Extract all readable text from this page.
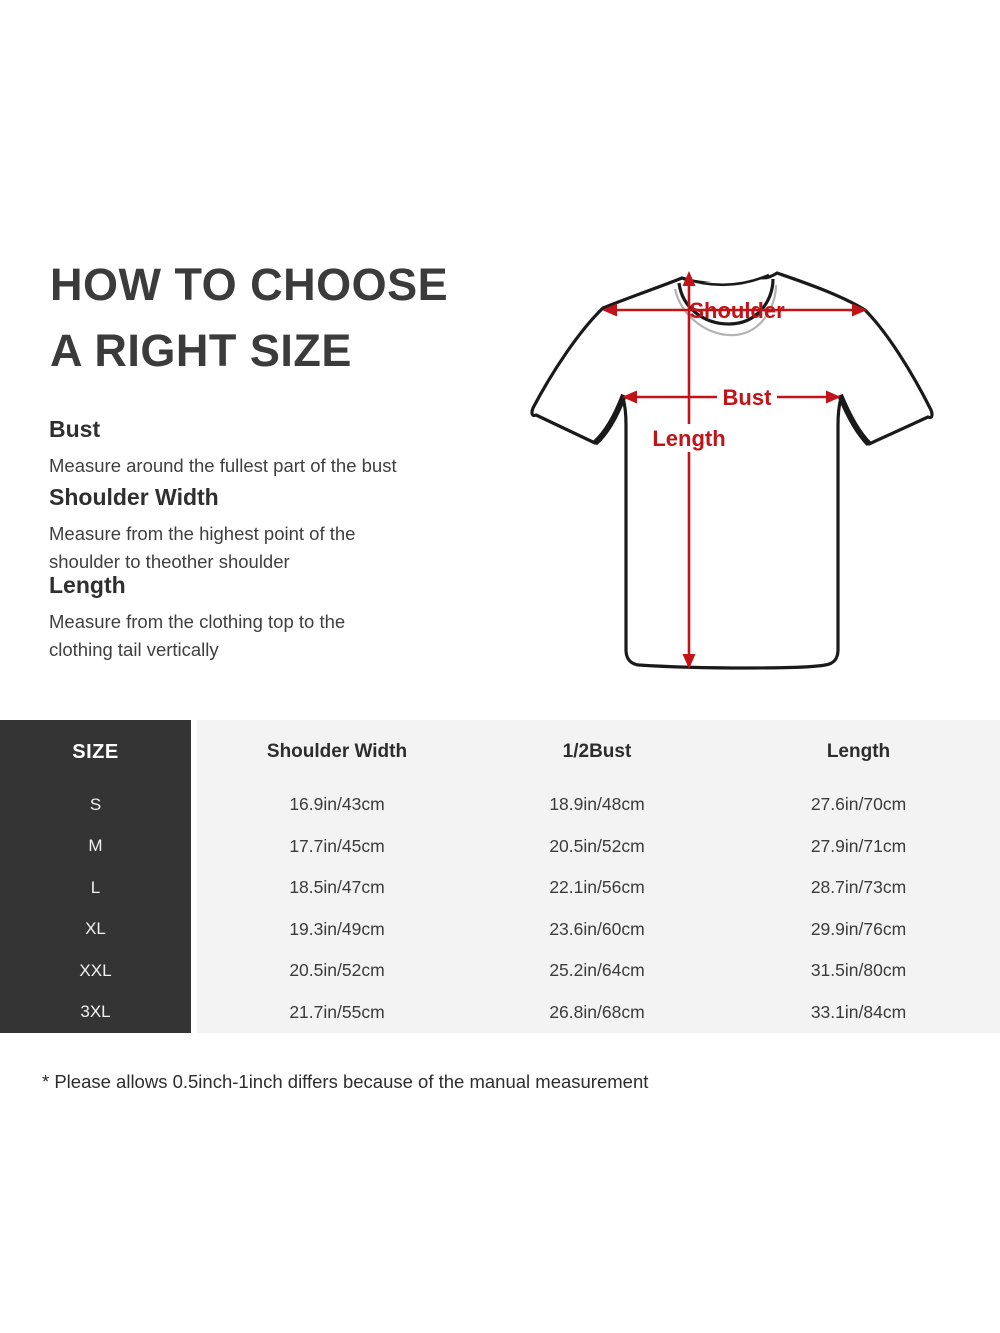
HOW TO CHOOSE
A RIGHT SIZE
Bust
Measure around the fullest part of the bust
Shoulder Width
Measure from the highest point of the
shoulder to theother shoulder
Length
Measure from the clothing top to the
clothing tail vertically
Shoulder
Bust
Length
SIZE	Shoulder Width	1/2Bust	Length
S	16.9in/43cm	18.9in/48cm	27.6in/70cm
M	17.7in/45cm	20.5in/52cm	27.9in/71cm
L	18.5in/47cm	22.1in/56cm	28.7in/73cm
XL	19.3in/49cm	23.6in/60cm	29.9in/76cm
XXL	20.5in/52cm	25.2in/64cm	31.5in/80cm
3XL	21.7in/55cm	26.8in/68cm	33.1in/84cm
* Please allows 0.5inch-1inch differs because of the manual measurement
